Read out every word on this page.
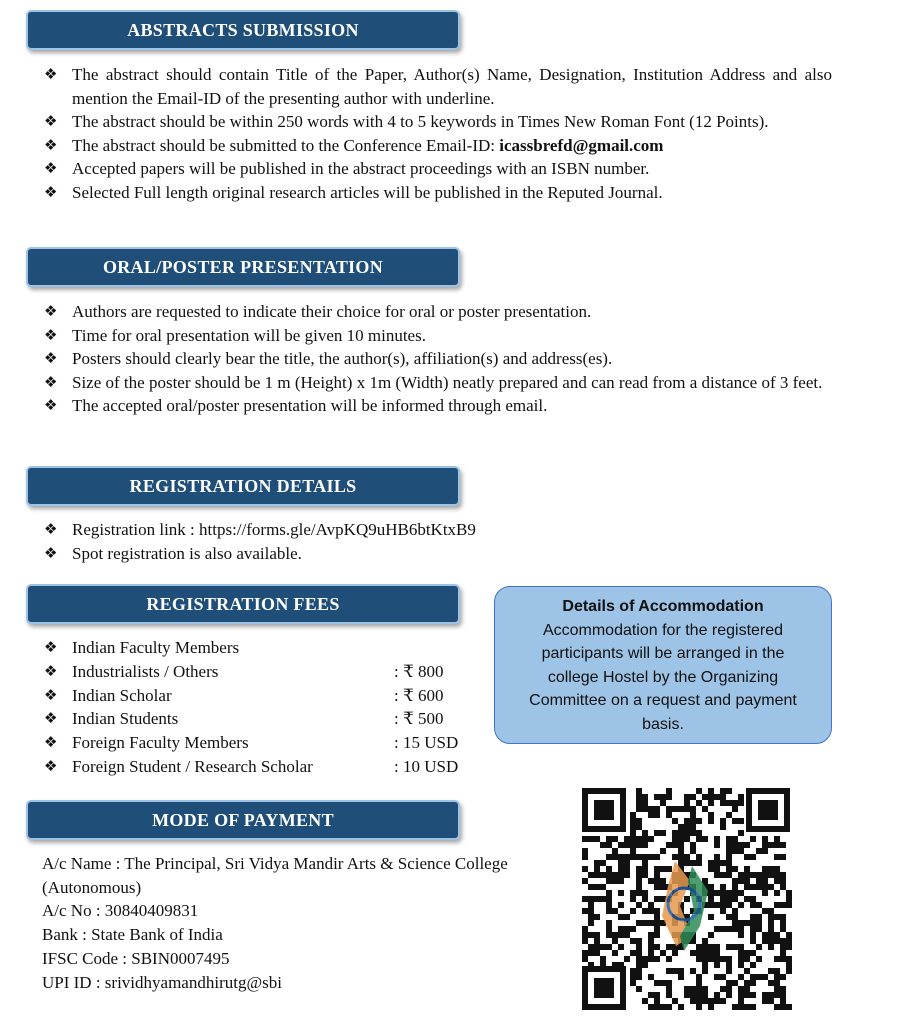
ABSTRACTS SUBMISSION
❖ The abstract should contain Title of the Paper, Author(s) Name, Designation, Institution Address and also mention the Email-ID of the presenting author with underline.
❖ The abstract should be within 250 words with 4 to 5 keywords in Times New Roman Font (12 Points).
❖ The abstract should be submitted to the Conference Email-ID: icassbrefd@gmail.com
❖ Accepted papers will be published in the abstract proceedings with an ISBN number.
❖ Selected Full length original research articles will be published in the Reputed Journal.
ORAL/POSTER PRESENTATION
❖ Authors are requested to indicate their choice for oral or poster presentation.
❖ Time for oral presentation will be given 10 minutes.
❖ Posters should clearly bear the title, the author(s), affiliation(s) and address(es).
❖ Size of the poster should be 1 m (Height) x 1m (Width) neatly prepared and can read from a distance of 3 feet.
❖ The accepted oral/poster presentation will be informed through email.
REGISTRATION DETAILS
❖ Registration link : https://forms.gle/AvpKQ9uHB6btKtxB9
❖ Spot registration is also available.
REGISTRATION FEES
❖ Indian Faculty Members
❖ Industrialists / Others	: ₹ 800
❖ Indian Scholar	: ₹ 600
❖ Indian Students	: ₹ 500
❖ Foreign Faculty Members	: 15 USD
❖ Foreign Student / Research Scholar	: 10 USD
Details of Accommodation
Accommodation for the registered participants will be arranged in the college Hostel by the Organizing Committee on a request and payment basis.
MODE OF PAYMENT
A/c Name : The Principal, Sri Vidya Mandir Arts & Science College (Autonomous)
A/c No : 30840409831
Bank : State Bank of India
IFSC Code : SBIN0007495
UPI ID : srividhyamandhirutg@sbi
